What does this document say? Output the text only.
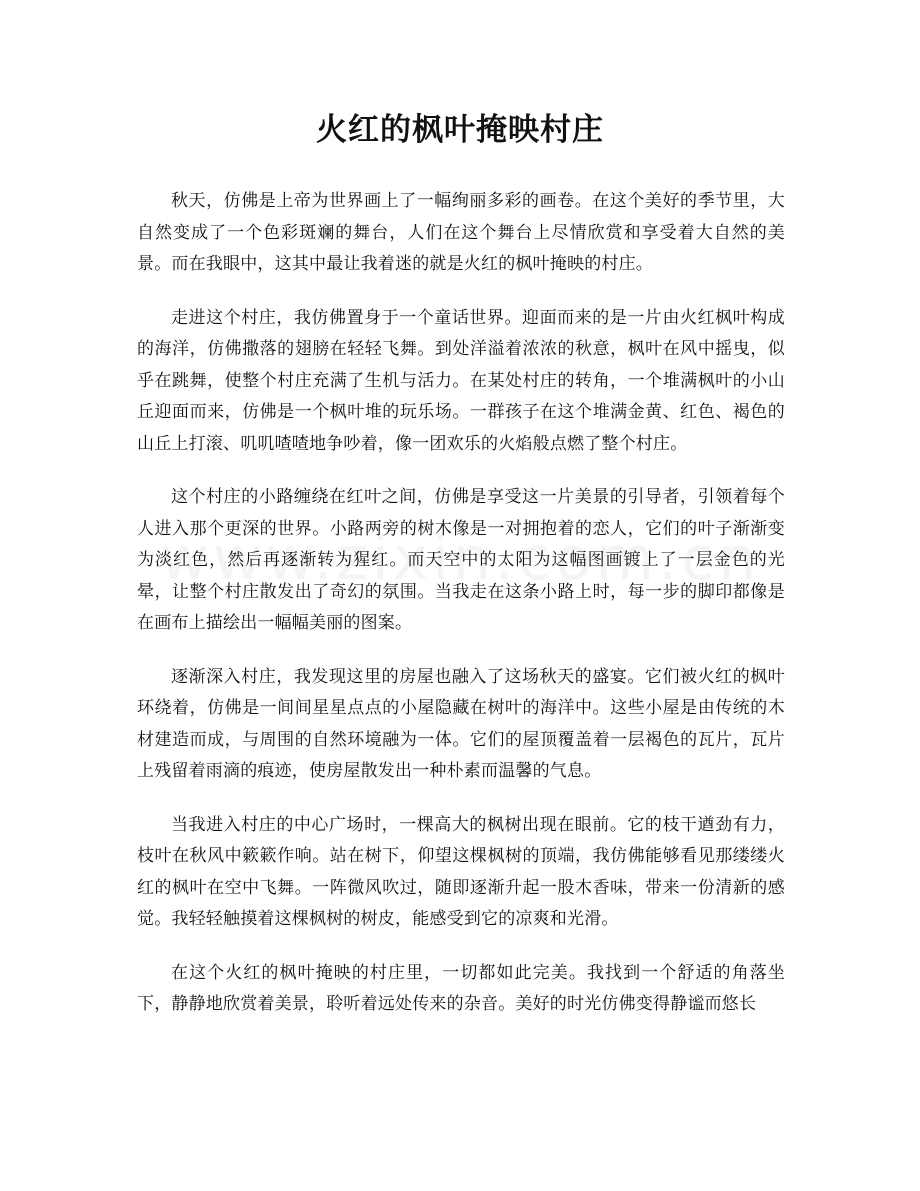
火红的枫叶掩映村庄

秋天，仿佛是上帝为世界画上了一幅绚丽多彩的画卷。在这个美好的季节里，大自然变成了一个色彩斑斓的舞台，人们在这个舞台上尽情欣赏和享受着大自然的美景。而在我眼中，这其中最让我着迷的就是火红的枫叶掩映的村庄。

走进这个村庄，我仿佛置身于一个童话世界。迎面而来的是一片由火红枫叶构成的海洋，仿佛撒落的翅膀在轻轻飞舞。到处洋溢着浓浓的秋意，枫叶在风中摇曳，似乎在跳舞，使整个村庄充满了生机与活力。在某处村庄的转角，一个堆满枫叶的小山丘迎面而来，仿佛是一个枫叶堆的玩乐场。一群孩子在这个堆满金黄、红色、褐色的山丘上打滚、叽叽喳喳地争吵着，像一团欢乐的火焰般点燃了整个村庄。

这个村庄的小路缠绕在红叶之间，仿佛是享受这一片美景的引导者，引领着每个人进入那个更深的世界。小路两旁的树木像是一对拥抱着的恋人，它们的叶子渐渐变为淡红色，然后再逐渐转为猩红。而天空中的太阳为这幅图画镀上了一层金色的光晕，让整个村庄散发出了奇幻的氛围。当我走在这条小路上时，每一步的脚印都像是在画布上描绘出一幅幅美丽的图案。

逐渐深入村庄，我发现这里的房屋也融入了这场秋天的盛宴。它们被火红的枫叶环绕着，仿佛是一间间星星点点的小屋隐藏在树叶的海洋中。这些小屋是由传统的木材建造而成，与周围的自然环境融为一体。它们的屋顶覆盖着一层褐色的瓦片，瓦片上残留着雨滴的痕迹，使房屋散发出一种朴素而温馨的气息。

当我进入村庄的中心广场时，一棵高大的枫树出现在眼前。它的枝干遒劲有力，枝叶在秋风中簌簌作响。站在树下，仰望这棵枫树的顶端，我仿佛能够看见那缕缕火红的枫叶在空中飞舞。一阵微风吹过，随即逐渐升起一股木香味，带来一份清新的感觉。我轻轻触摸着这棵枫树的树皮，能感受到它的凉爽和光滑。

在这个火红的枫叶掩映的村庄里，一切都如此完美。我找到一个舒适的角落坐下，静静地欣赏着美景，聆听着远处传来的杂音。美好的时光仿佛变得静谧而悠长
